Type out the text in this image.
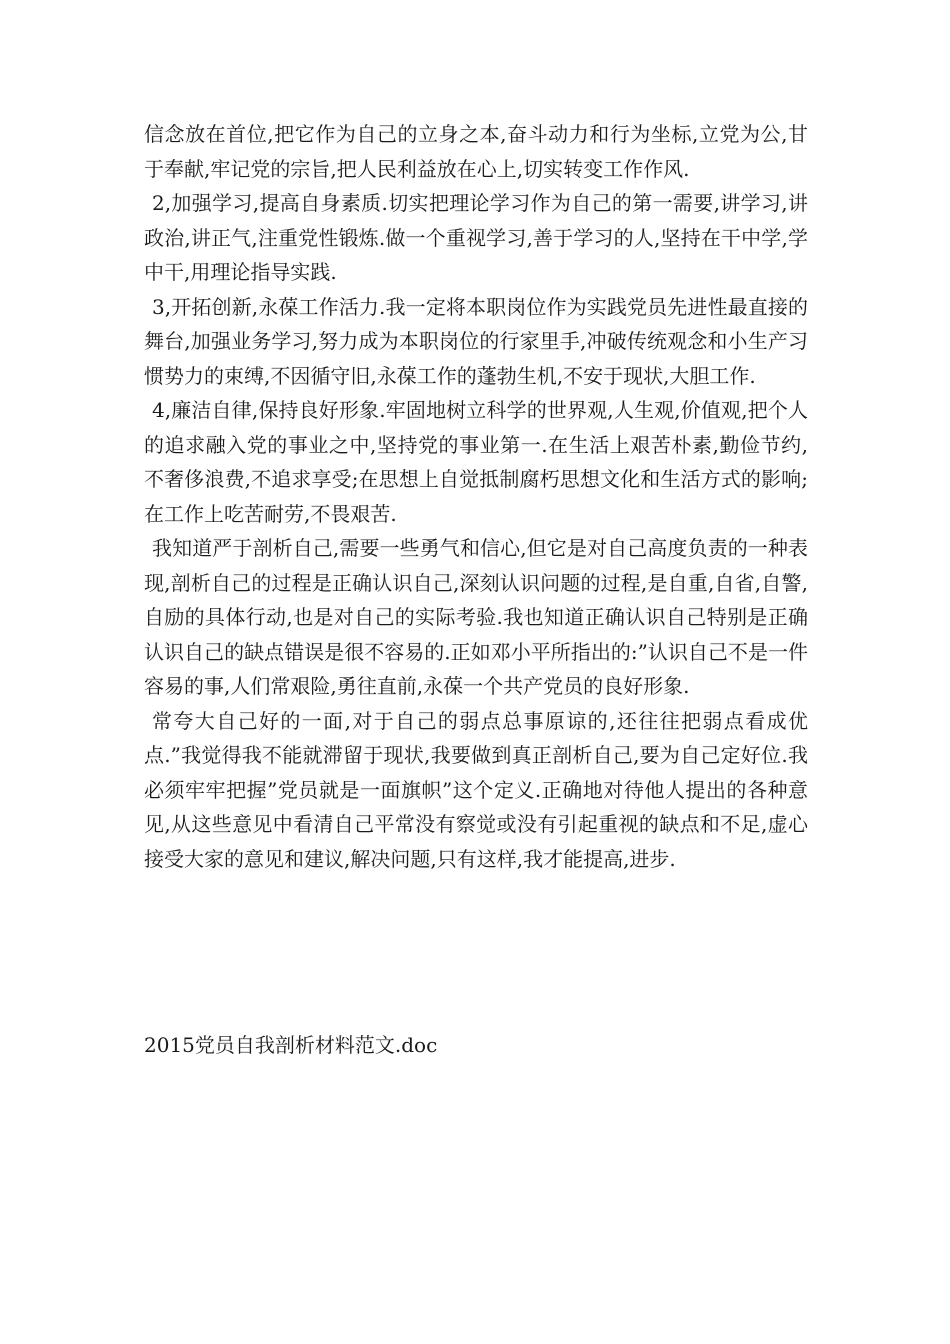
信念放在首位,把它作为自己的立身之本,奋斗动力和行为坐标,立党为公,甘于奉献,牢记党的宗旨,把人民利益放在心上,切实转变工作作风.

2,加强学习,提高自身素质.切实把理论学习作为自己的第一需要,讲学习,讲政治,讲正气,注重党性锻炼.做一个重视学习,善于学习的人,坚持在干中学,学中干,用理论指导实践.

3,开拓创新,永葆工作活力.我一定将本职岗位作为实践党员先进性最直接的舞台,加强业务学习,努力成为本职岗位的行家里手,冲破传统观念和小生产习惯势力的束缚,不因循守旧,永葆工作的蓬勃生机,不安于现状,大胆工作.

4,廉洁自律,保持良好形象.牢固地树立科学的世界观,人生观,价值观,把个人的追求融入党的事业之中,坚持党的事业第一.在生活上艰苦朴素,勤俭节约,不奢侈浪费,不追求享受;在思想上自觉抵制腐朽思想文化和生活方式的影响;在工作上吃苦耐劳,不畏艰苦.

我知道严于剖析自己,需要一些勇气和信心,但它是对自己高度负责的一种表现,剖析自己的过程是正确认识自己,深刻认识问题的过程,是自重,自省,自警,自励的具体行动,也是对自己的实际考验.我也知道正确认识自己特别是正确认识自己的缺点错误是很不容易的.正如邓小平所指出的:”认识自己不是一件容易的事,人们常艰险,勇往直前,永葆一个共产党员的良好形象.

常夸大自己好的一面,对于自己的弱点总事原谅的,还往往把弱点看成优点.”我觉得我不能就滞留于现状,我要做到真正剖析自己,要为自己定好位.我必须牢牢把握”党员就是一面旗帜”这个定义.正确地对待他人提出的各种意见,从这些意见中看清自己平常没有察觉或没有引起重视的缺点和不足,虚心接受大家的意见和建议,解决问题,只有这样,我才能提高,进步.

2015党员自我剖析材料范文.doc
